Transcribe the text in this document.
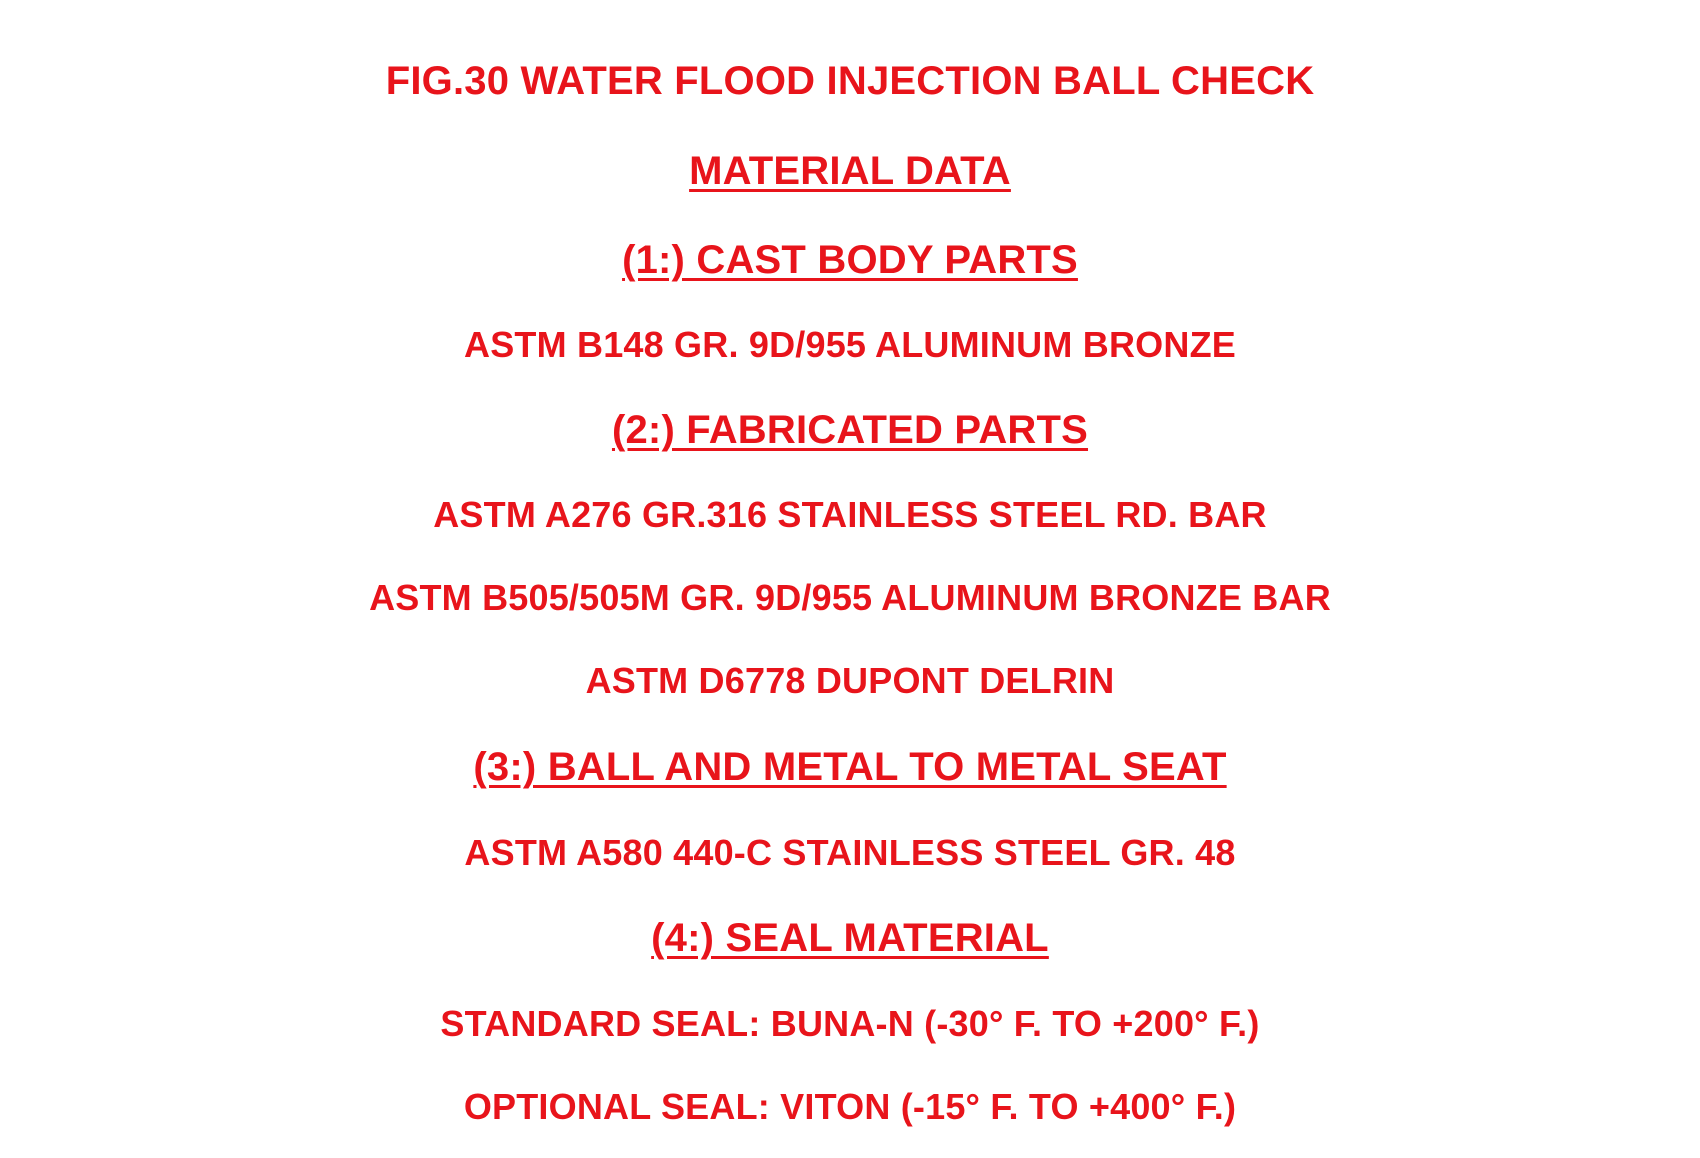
FIG.30 WATER FLOOD INJECTION BALL CHECK
MATERIAL DATA
(1:) CAST BODY PARTS
ASTM B148 GR. 9D/955 ALUMINUM BRONZE
(2:) FABRICATED PARTS
ASTM A276 GR.316 STAINLESS STEEL RD. BAR
ASTM B505/505M GR. 9D/955 ALUMINUM BRONZE BAR
ASTM D6778 DUPONT DELRIN
(3:) BALL AND METAL TO METAL SEAT
ASTM A580 440-C STAINLESS STEEL GR. 48
(4:) SEAL MATERIAL
STANDARD SEAL: BUNA-N (-30° F. TO +200° F.)
OPTIONAL SEAL: VITON (-15° F. TO +400° F.)
